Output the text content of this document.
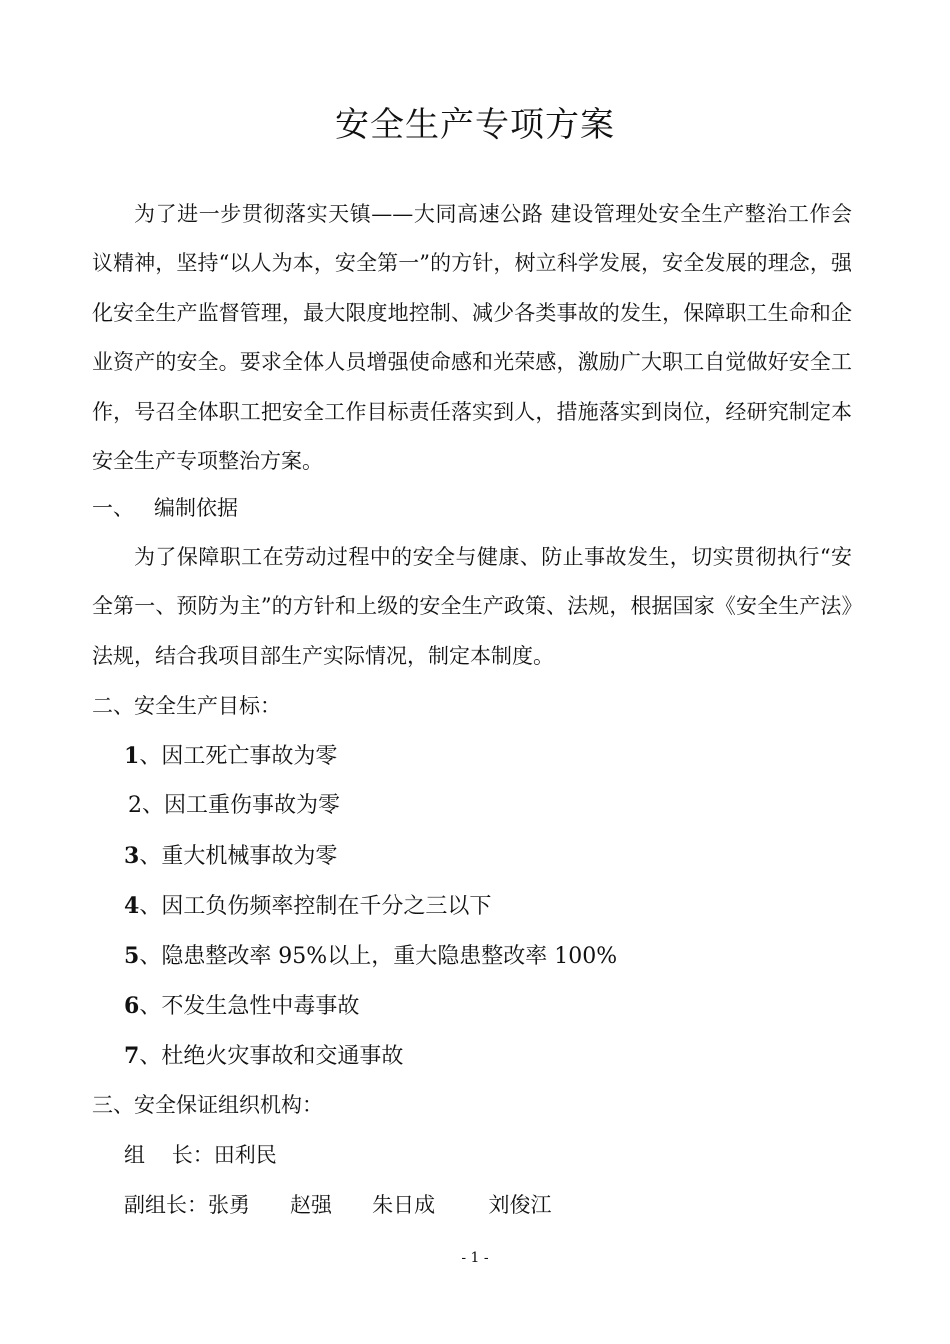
安全生产专项方案
为了进一步贯彻落实天镇——大同高速公路 建设管理处安全生产整治工作会议精神，坚持“以人为本，安全第一”的方针，树立科学发展，安全发展的理念，强化安全生产监督管理，最大限度地控制、减少各类事故的发生，保障职工生命和企业资产的安全。要求全体人员增强使命感和光荣感，激励广大职工自觉做好安全工作，号召全体职工把安全工作目标责任落实到人，措施落实到岗位，经研究制定本安全生产专项整治方案。
一、   编制依据
为了保障职工在劳动过程中的安全与健康、防止事故发生，切实贯彻执行“安全第一、预防为主”的方针和上级的安全生产政策、法规，根据国家《安全生产法》法规，结合我项目部生产实际情况，制定本制度。
二、安全生产目标：
1、因工死亡事故为零
2、因工重伤事故为零
3、重大机械事故为零
4、因工负伤频率控制在千分之三以下
5、隐患整改率 95%以上，重大隐患整改率 100%
6、不发生急性中毒事故
7、杜绝火灾事故和交通事故
三、安全保证组织机构：
组    长：田利民
副组长：张勇      赵强      朱日成        刘俊江
- 1 -
